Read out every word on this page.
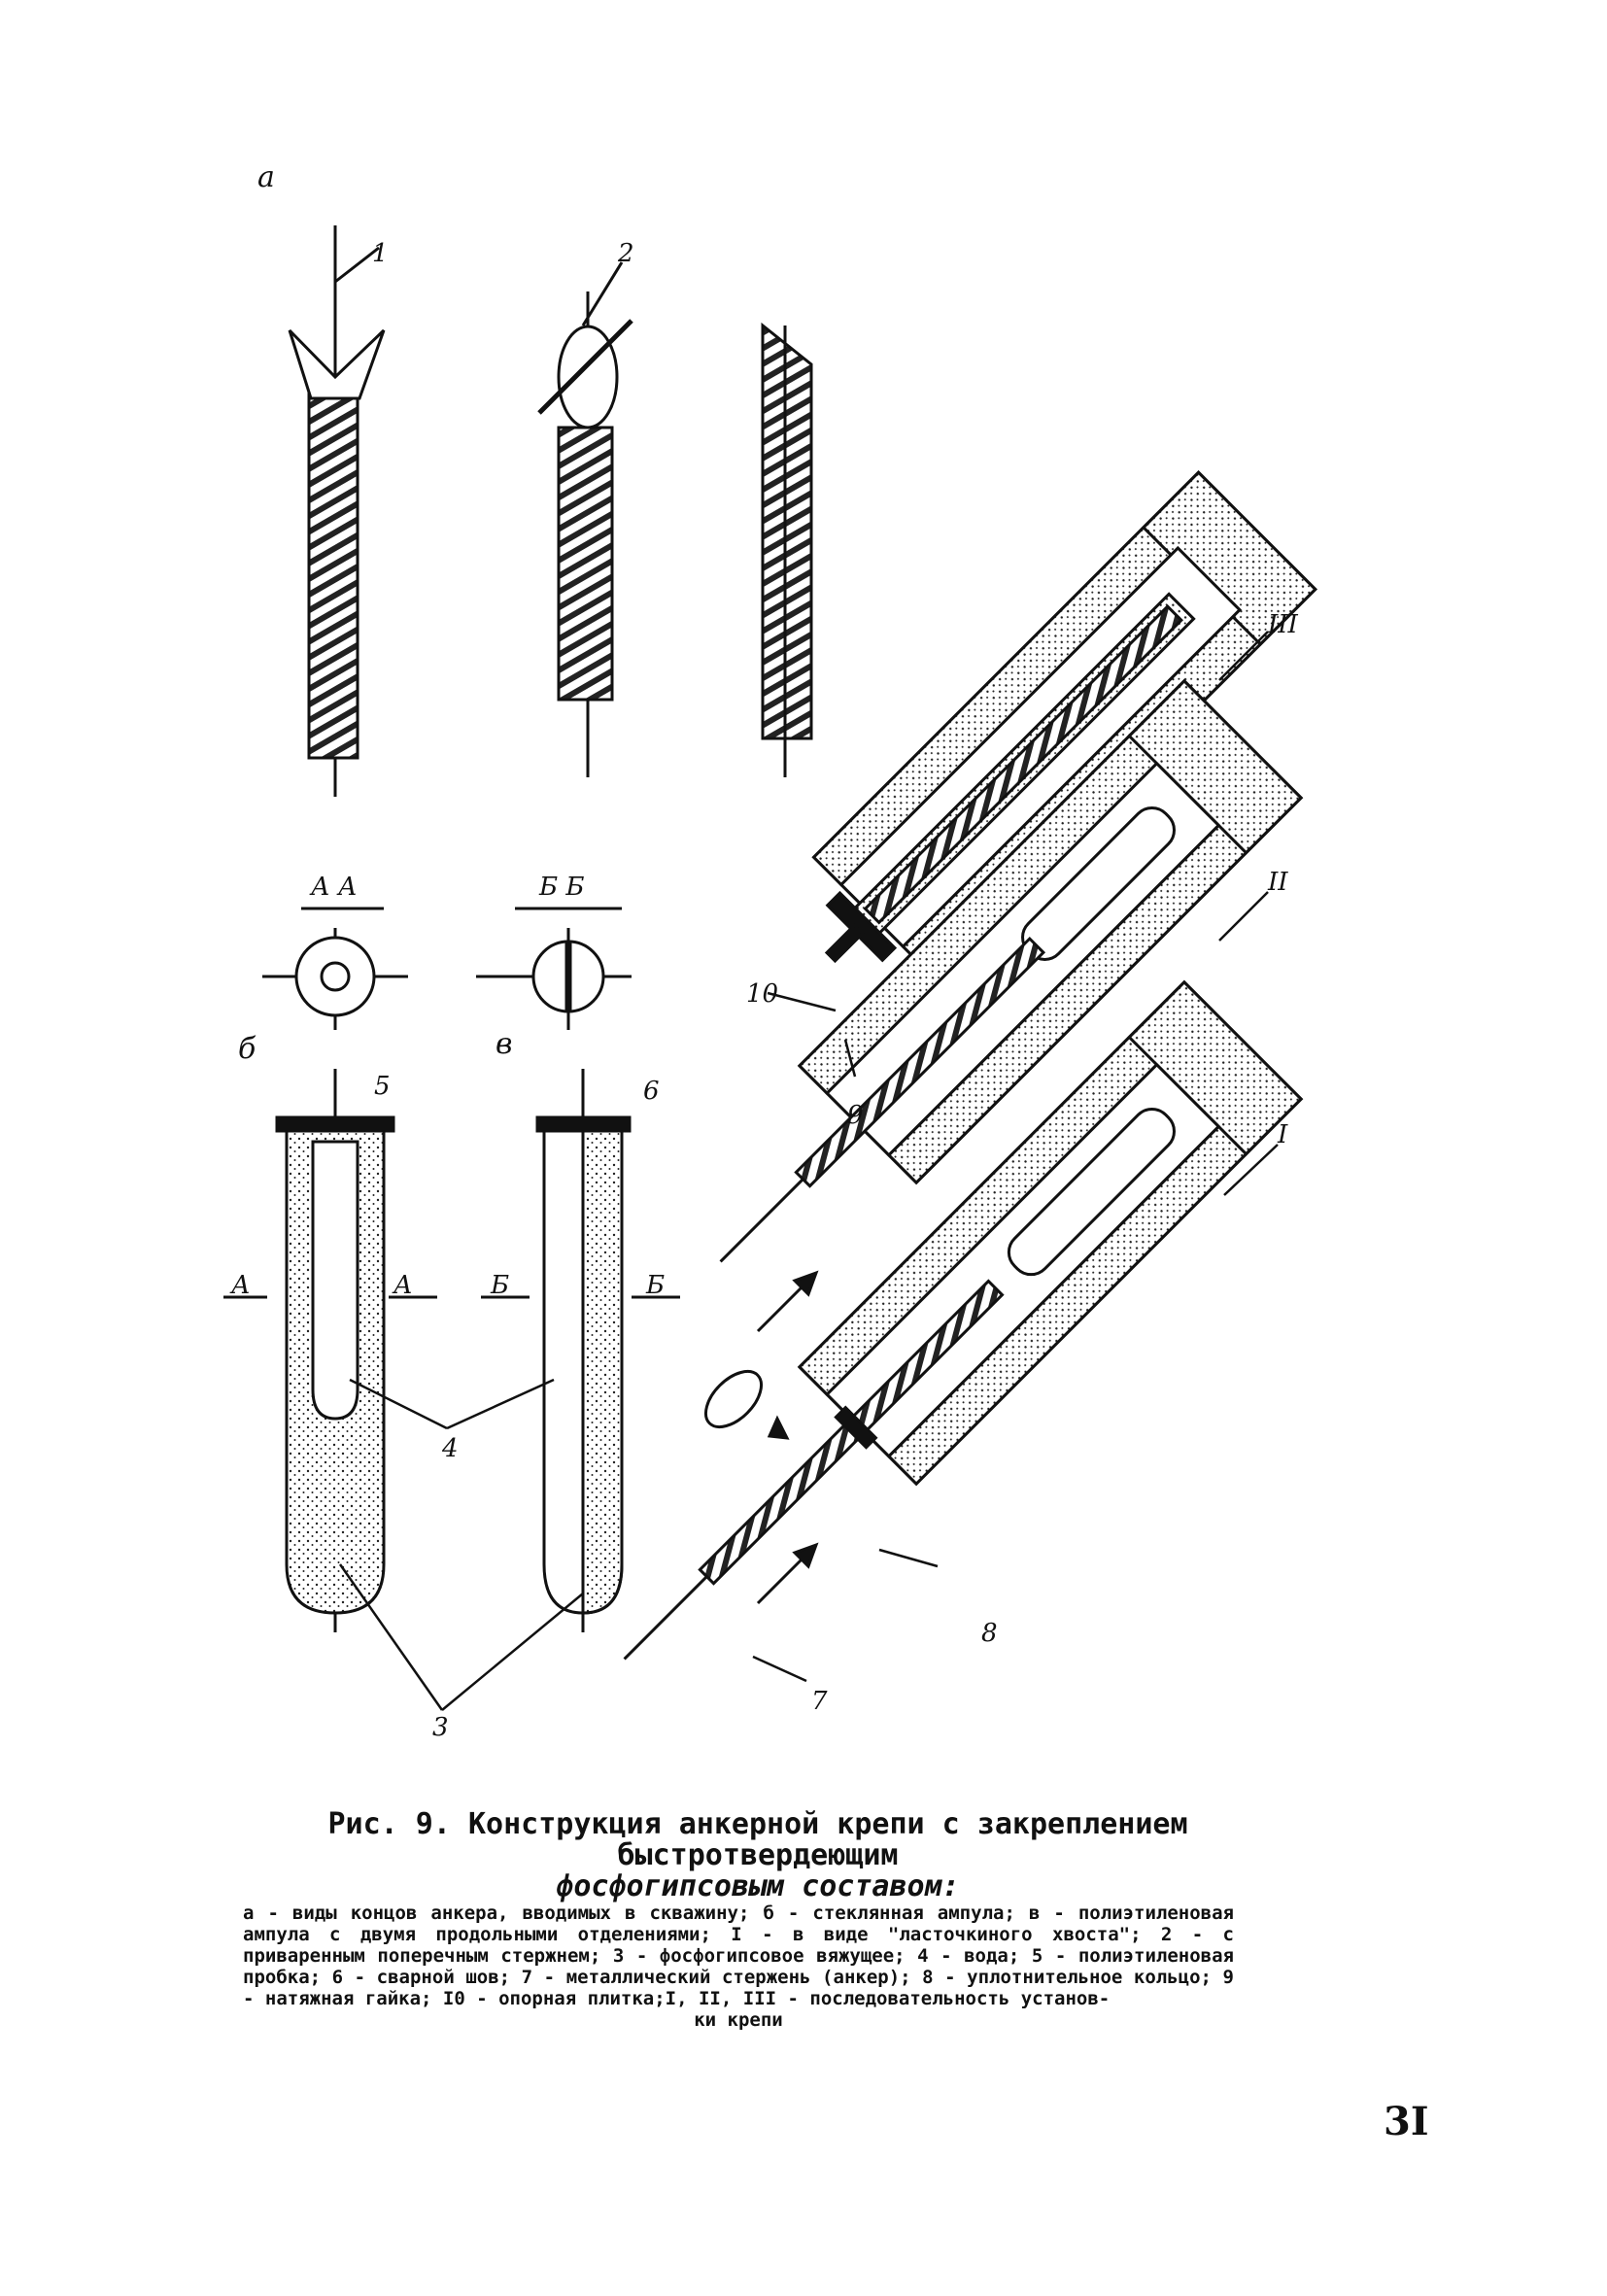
а
1	2
А А	Б Б
б	в
5	6
А	А	Б	Б
4
3
III
II
I
10
9
8
7
Рис. 9. Конструкция анкерной крепи с закреплением быстротвердеющим
фосфогипсовым составом:
а - виды концов анкера, вводимых в скважину; б - стеклянная ампула; в - полиэтиленовая ампула с двумя продольными отделениями; I - в виде "ласточкиного хвоста"; 2 - с приваренным поперечным стержнем; 3 - фосфогипсовое вяжущее; 4 - вода; 5 - полиэтиленовая пробка; 6 - сварной шов; 7 - металлический стержень (анкер); 8 - уплотнительное кольцо; 9 - натяжная гайка; I0 - опорная плитка;I, II, III - последовательность установ-
ки крепи
3I
